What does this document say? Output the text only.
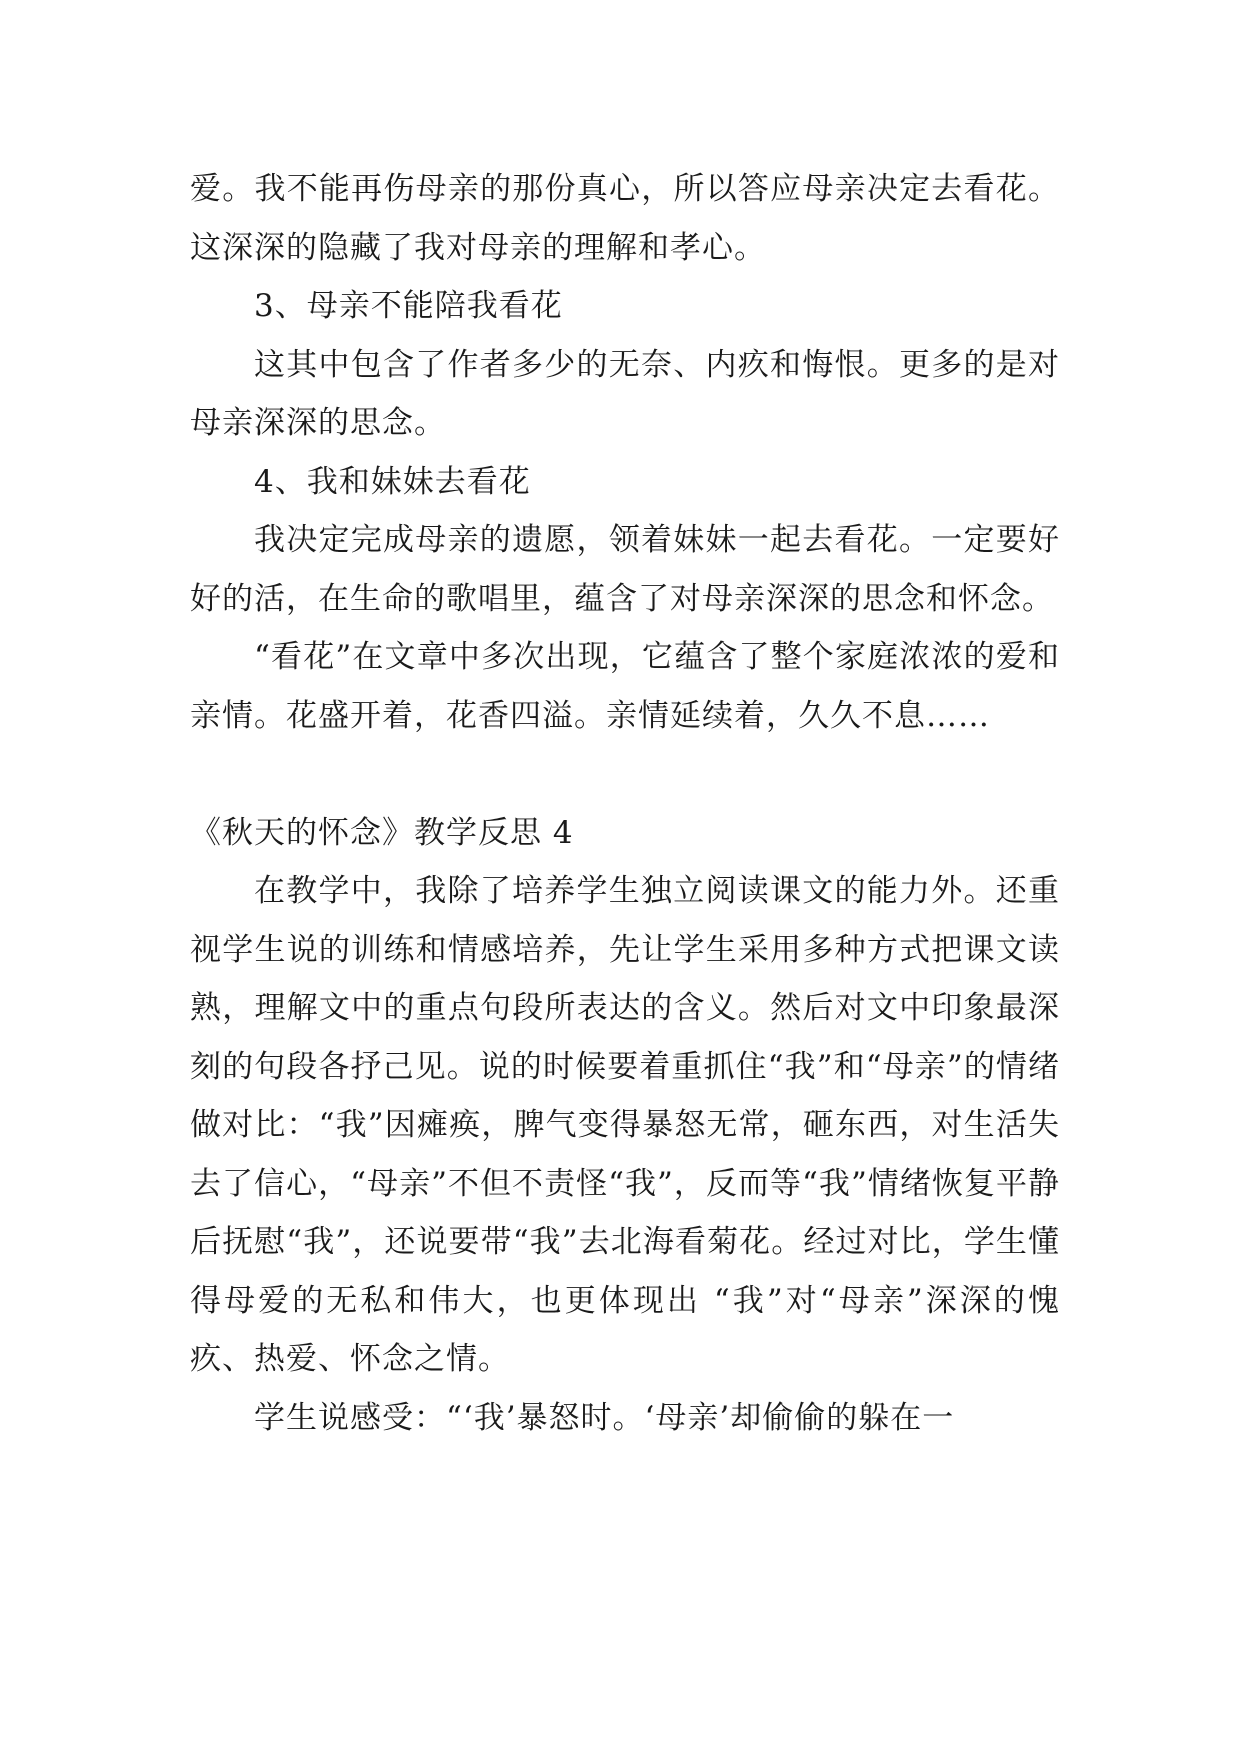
爱。我不能再伤母亲的那份真心，所以答应母亲决定去看花。这深深的隐藏了我对母亲的理解和孝心。

3、母亲不能陪我看花

这其中包含了作者多少的无奈、内疚和悔恨。更多的是对母亲深深的思念。

4、我和妹妹去看花

我决定完成母亲的遗愿，领着妹妹一起去看花。一定要好好的活，在生命的歌唱里，蕴含了对母亲深深的思念和怀念。

“看花”在文章中多次出现，它蕴含了整个家庭浓浓的爱和亲情。花盛开着，花香四溢。亲情延续着，久久不息……

《秋天的怀念》教学反思 4

在教学中，我除了培养学生独立阅读课文的能力外。还重视学生说的训练和情感培养，先让学生采用多种方式把课文读熟，理解文中的重点句段所表达的含义。然后对文中印象最深刻的句段各抒己见。说的时候要着重抓住“我”和“母亲”的情绪做对比：“我”因瘫痪，脾气变得暴怒无常，砸东西，对生活失去了信心，“母亲”不但不责怪“我”，反而等“我”情绪恢复平静后抚慰“我”，还说要带“我”去北海看菊花。经过对比，学生懂得母爱的无私和伟大，也更体现出 “我”对“母亲”深深的愧疚、热爱、怀念之情。

学生说感受：“‘我’暴怒时。‘母亲’却偷偷的躲在一
